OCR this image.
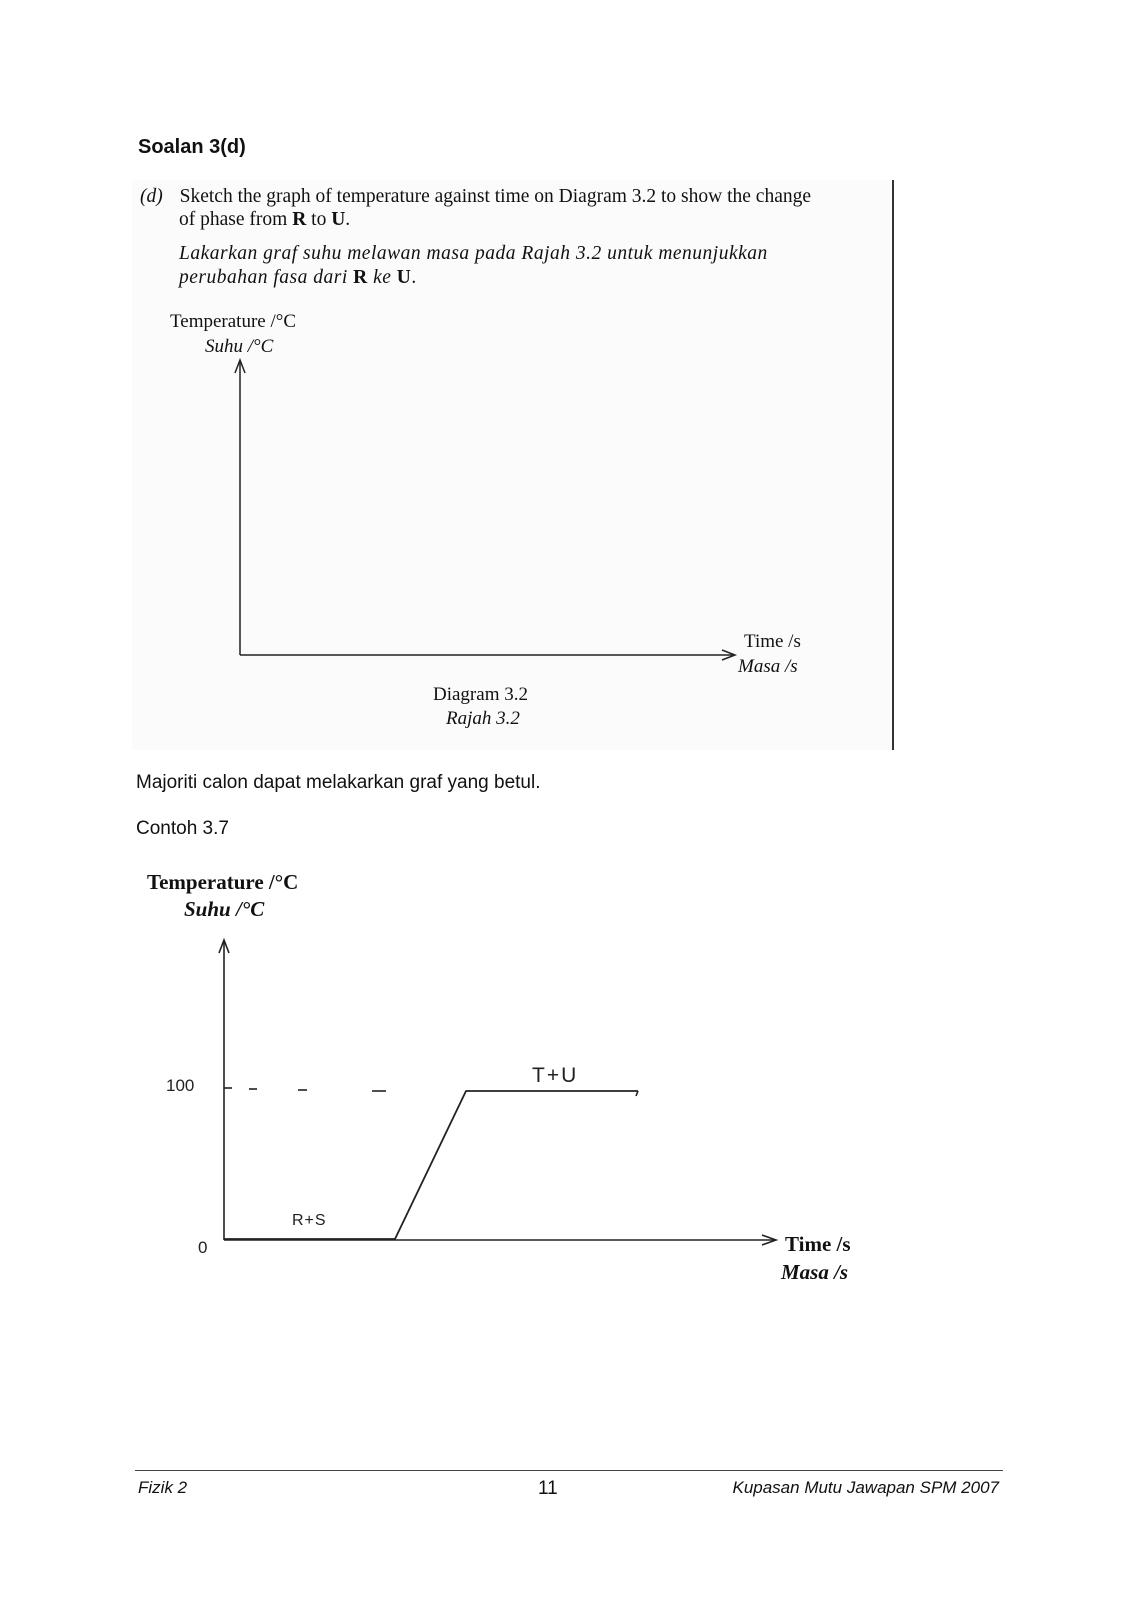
Soalan 3(d)
(d) Sketch the graph of temperature against time on Diagram 3.2 to show the change
of phase from R to U.
Lakarkan graf suhu melawan masa pada Rajah 3.2 untuk menunjukkan
perubahan fasa dari R ke U.
Temperature /°C
Suhu /°C
Time /s
Masa /s
Diagram 3.2
Rajah 3.2
Majoriti calon dapat melakarkan graf yang betul.
Contoh 3.7
Temperature /°C
Suhu /°C
Time /s
Masa /s
100
0
R+S
T+U
Fizik 2	11	Kupasan Mutu Jawapan SPM 2007
